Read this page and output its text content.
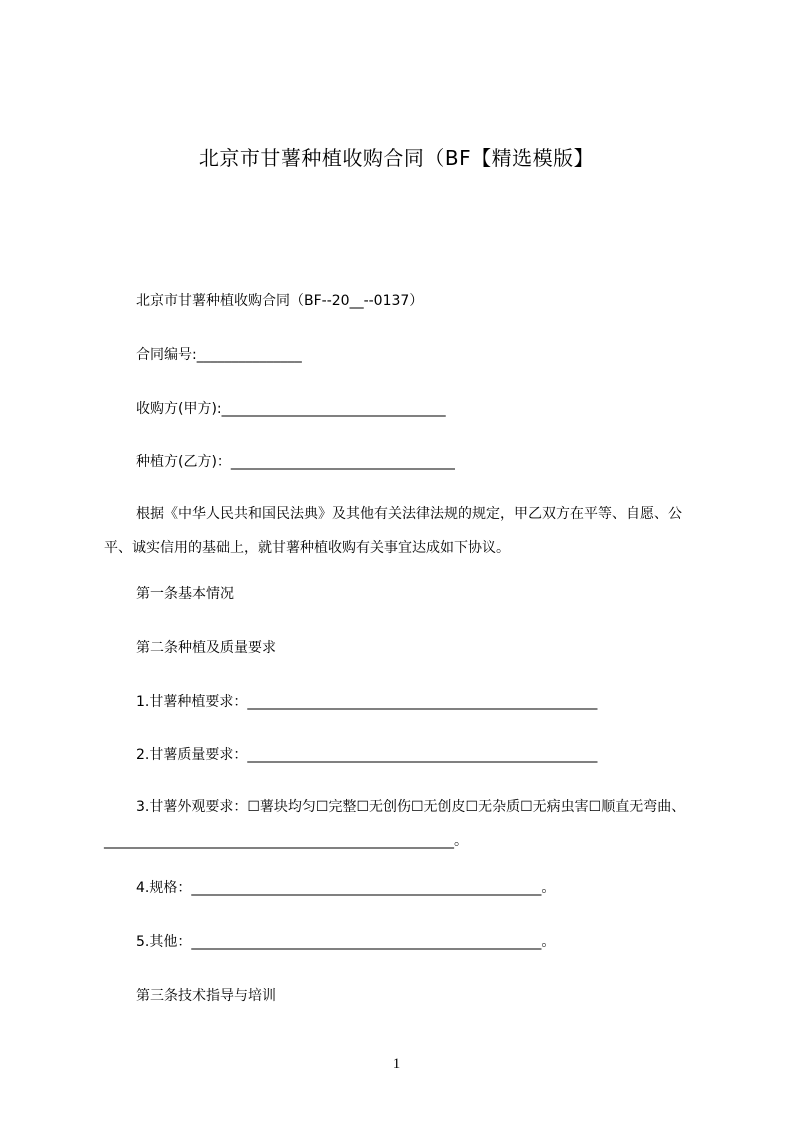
北京市甘薯种植收购合同（BF【精选模版】
北京市甘薯种植收购合同（BF--20__--0137）
合同编号:_______________
收购方(甲方):________________________________
种植方(乙方)：________________________________
根据《中华人民共和国民法典》及其他有关法律法规的规定，甲乙双方在平等、自愿、公平、诚实信用的基础上，就甘薯种植收购有关事宜达成如下协议。
第一条基本情况
第二条种植及质量要求
1.甘薯种植要求：__________________________________________________
2.甘薯质量要求：__________________________________________________
3.甘薯外观要求：☐薯块均匀☐完整☐无创伤☐无创皮☐无杂质☐无病虫害☐顺直无弯曲、__________________________________________________。
4.规格：__________________________________________________。
5.其他：__________________________________________________。
第三条技术指导与培训
1
